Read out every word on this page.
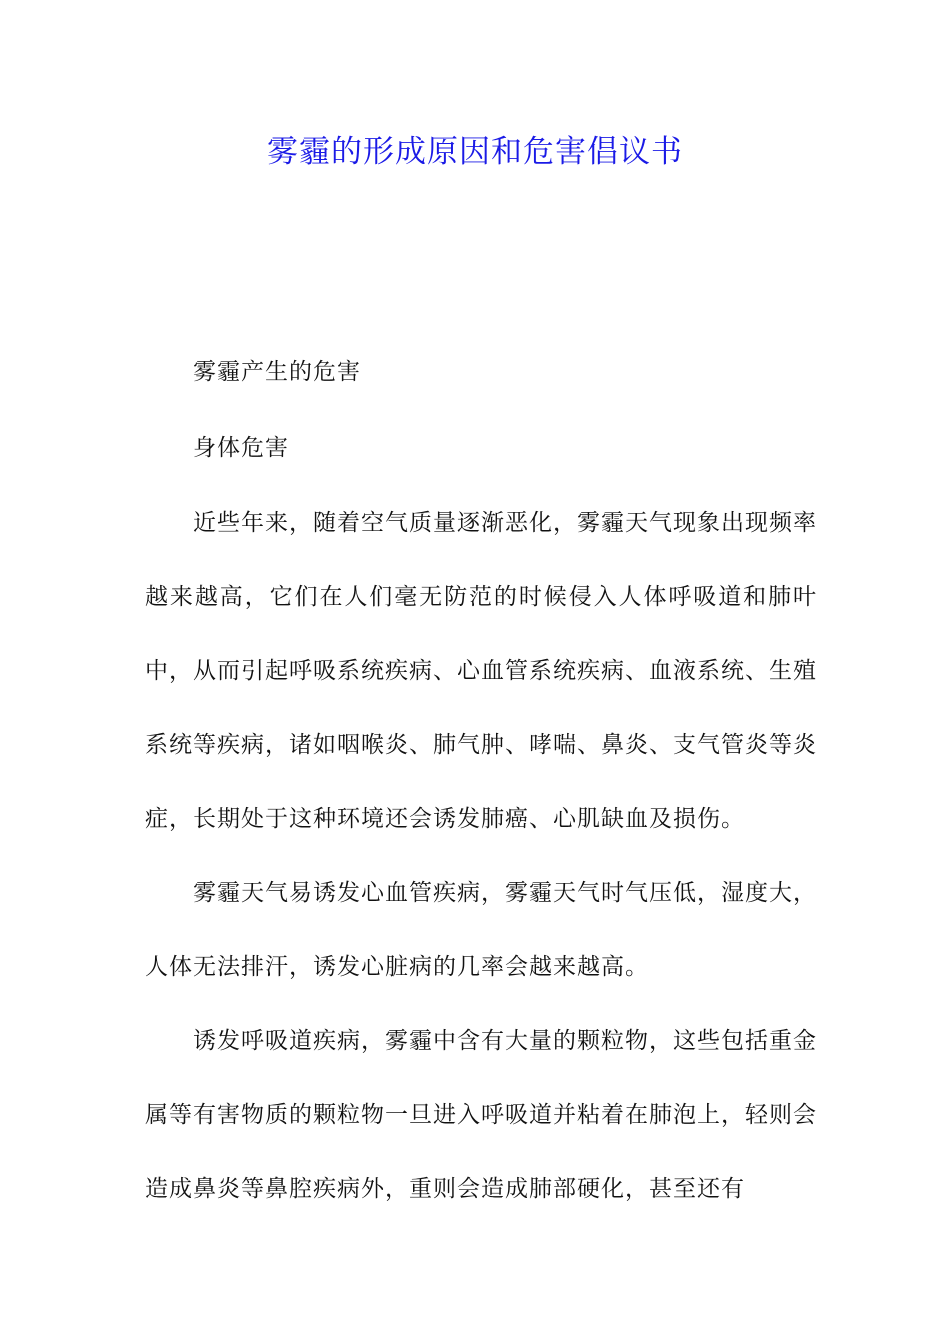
雾霾的形成原因和危害倡议书

雾霾产生的危害

身体危害

近些年来，随着空气质量逐渐恶化，雾霾天气现象出现频率越来越高，它们在人们毫无防范的时候侵入人体呼吸道和肺叶中，从而引起呼吸系统疾病、心血管系统疾病、血液系统、生殖系统等疾病，诸如咽喉炎、肺气肿、哮喘、鼻炎、支气管炎等炎症，长期处于这种环境还会诱发肺癌、心肌缺血及损伤。

雾霾天气易诱发心血管疾病，雾霾天气时气压低，湿度大，人体无法排汗，诱发心脏病的几率会越来越高。

诱发呼吸道疾病，雾霾中含有大量的颗粒物，这些包括重金属等有害物质的颗粒物一旦进入呼吸道并粘着在肺泡上，轻则会造成鼻炎等鼻腔疾病外，重则会造成肺部硬化，甚至还有
